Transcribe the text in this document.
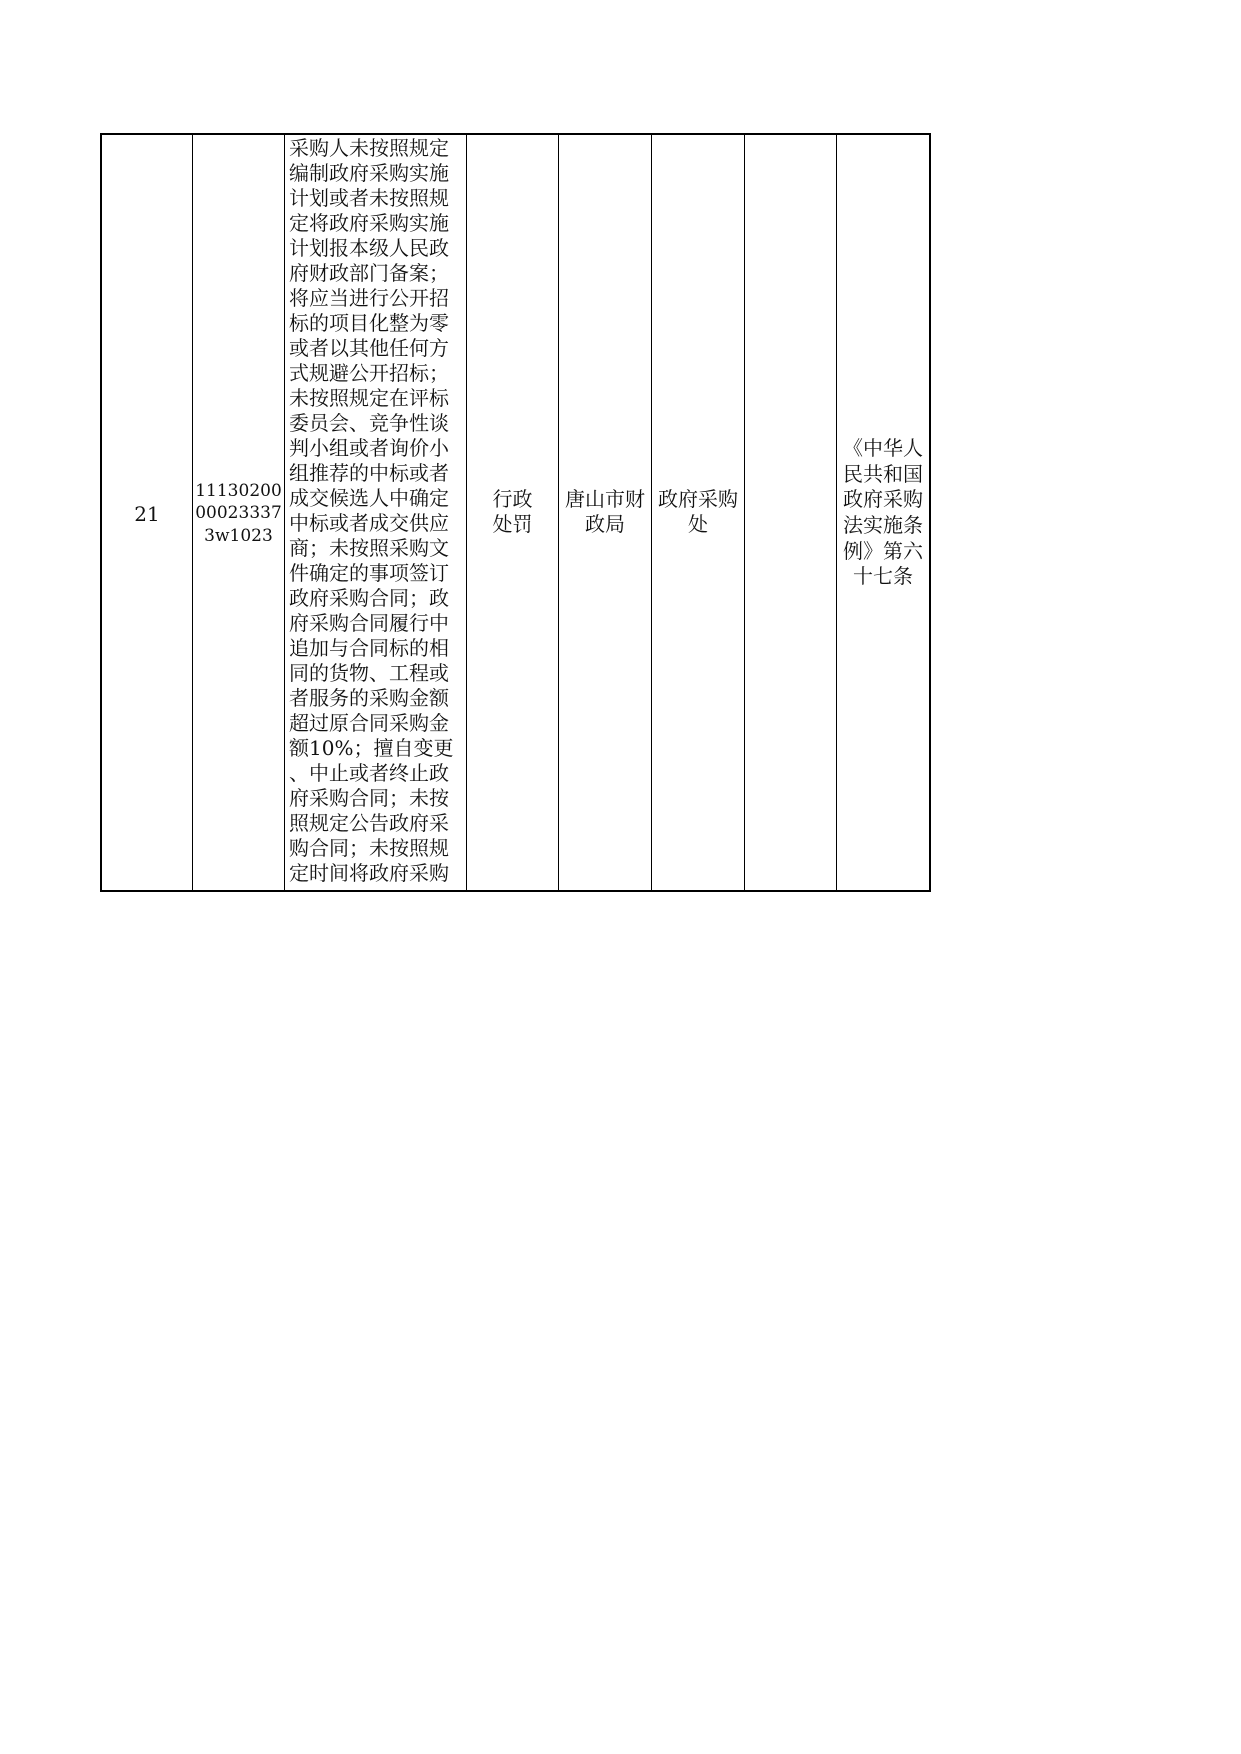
21
11130200
00023337
3w1023
采购人未按照规定
编制政府采购实施
计划或者未按照规
定将政府采购实施
计划报本级人民政
府财政部门备案；
将应当进行公开招
标的项目化整为零
或者以其他任何方
式规避公开招标；
未按照规定在评标
委员会、竞争性谈
判小组或者询价小
组推荐的中标或者
成交候选人中确定
中标或者成交供应
商；未按照采购文
件确定的事项签订
政府采购合同；政
府采购合同履行中
追加与合同标的相
同的货物、工程或
者服务的采购金额
超过原合同采购金
额10%；擅自变更
、中止或者终止政
府采购合同；未按
照规定公告政府采
购合同；未按照规
定时间将政府采购
行政
处罚
唐山市财
政局
政府采购
处
《中华人
民共和国
政府采购
法实施条
例》第六
十七条
